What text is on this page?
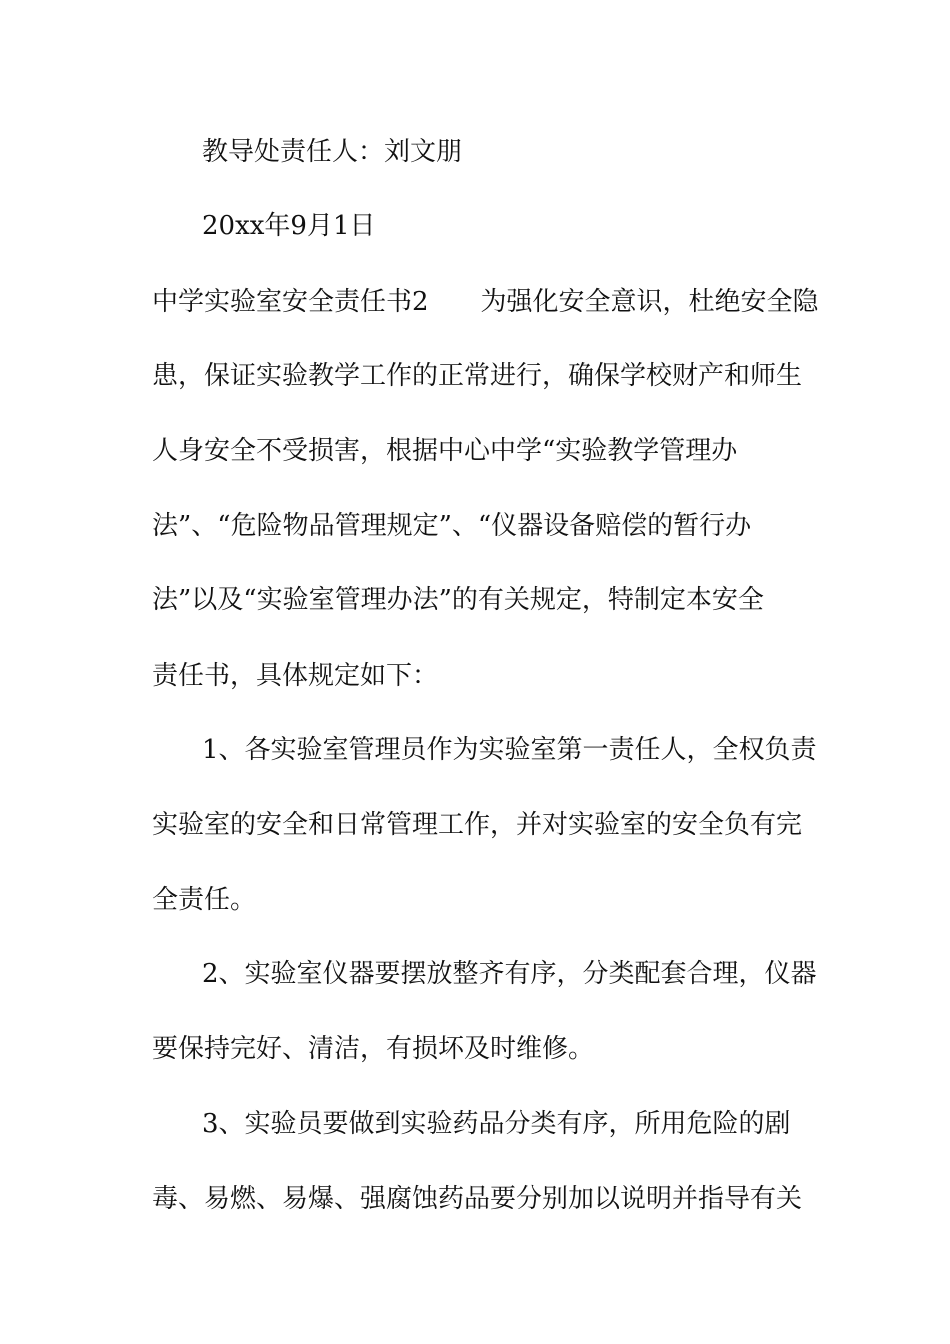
教导处责任人：刘文朋
20xx年9月1日
中学实验室安全责任书2　　为强化安全意识，杜绝安全隐
患，保证实验教学工作的正常进行，确保学校财产和师生
人身安全不受损害，根据中心中学“实验教学管理办
法”、“危险物品管理规定”、“仪器设备赔偿的暂行办
法”以及“实验室管理办法”的有关规定，特制定本安全
责任书，具体规定如下：
1、各实验室管理员作为实验室第一责任人，全权负责
实验室的安全和日常管理工作，并对实验室的安全负有完
全责任。
2、实验室仪器要摆放整齐有序，分类配套合理，仪器
要保持完好、清洁，有损坏及时维修。
3、实验员要做到实验药品分类有序，所用危险的剧
毒、易燃、易爆、强腐蚀药品要分别加以说明并指导有关
